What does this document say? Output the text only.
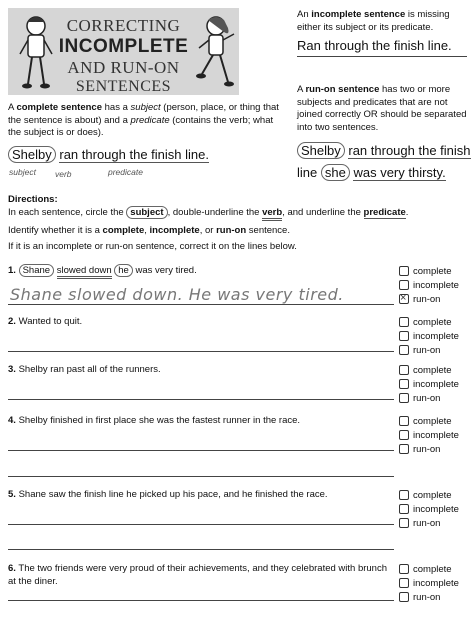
CORRECTING
INCOMPLETE
AND RUN-ON
SENTENCES
An incomplete sentence is missing either its subject or its predicate.
Ran through the finish line.
A run-on sentence has two or more subjects and predicates that are not joined correctly OR should be separated into two sentences.
Shelby ran through the finish
line she was very thirsty.
A complete sentence has a subject (person, place, or thing that the sentence is about) and a predicate (contains the verb; what the subject is or does).
Shelby ran through the finish line.
subject verb	predicate
Directions:
In each sentence, circle the subject , double-underline the verb, and underline the predicate.
Identify whether it is a complete, incomplete, or run-on sentence.
If it is an incomplete or run-on sentence, correct it on the lines below.
1. Shane slowed down he was very tired.
Shane slowed down. He was very tired.
complete
incomplete
×
run-on
2. Wanted to quit.	complete
incomplete
run-on
3. Shelby ran past all of the runners.	complete
incomplete
run-on
4. Shelby finished in first place she was the fastest runner in the race.	complete
incomplete
run-on
5. Shane saw the finish line he picked up his pace, and he finished the race.	complete
incomplete
run-on
6. The two friends were very proud of their achievements, and they celebrated with brunch at the diner.
complete
incomplete
run-on
